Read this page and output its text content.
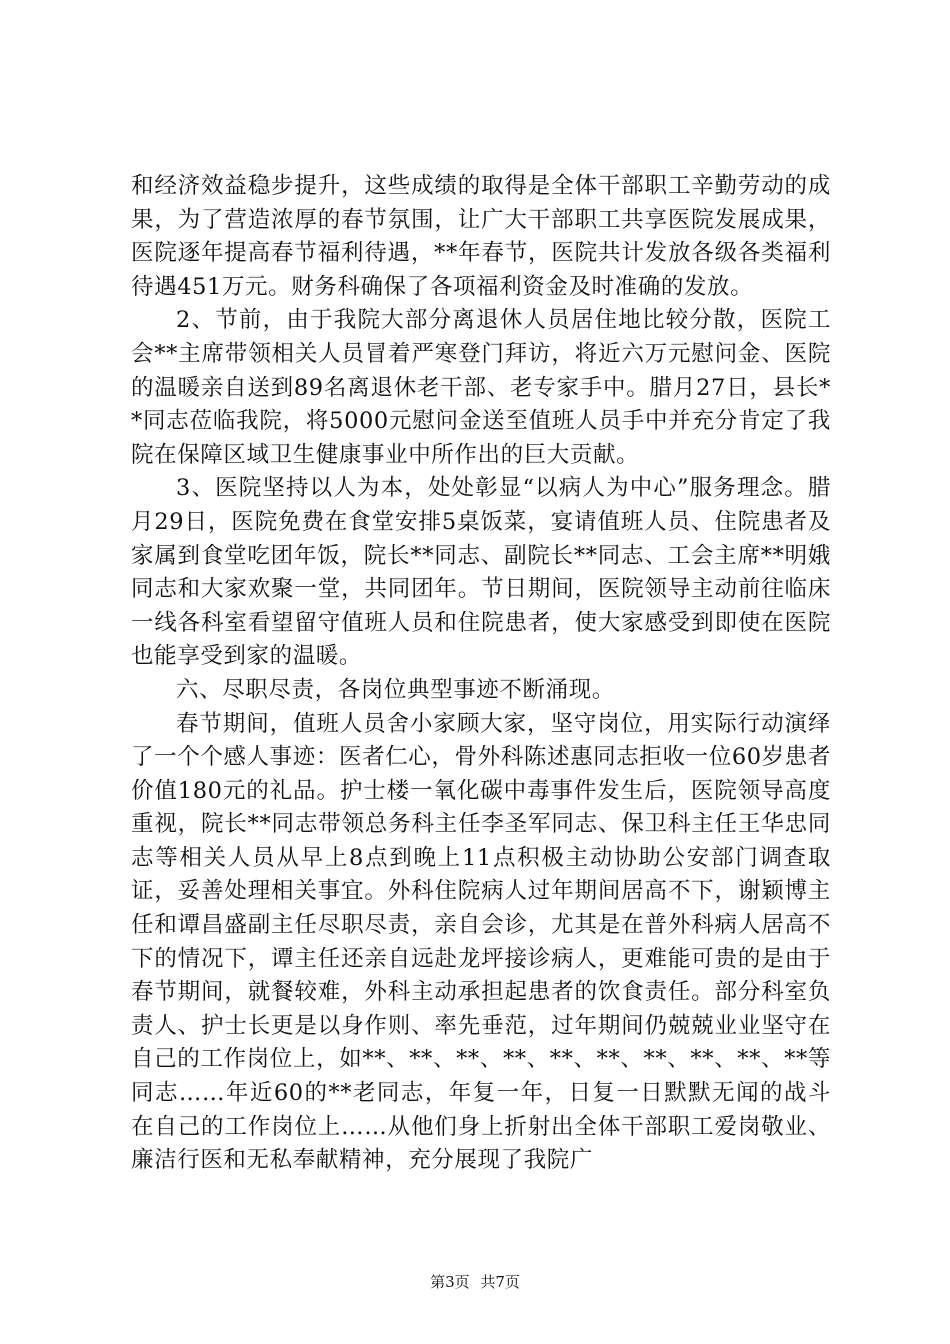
和经济效益稳步提升，这些成绩的取得是全体干部职工辛勤劳动的成果，为了营造浓厚的春节氛围，让广大干部职工共享医院发展成果，医院逐年提高春节福利待遇，**年春节，医院共计发放各级各类福利待遇451万元。财务科确保了各项福利资金及时准确的发放。

2、节前，由于我院大部分离退休人员居住地比较分散，医院工会**主席带领相关人员冒着严寒登门拜访，将近六万元慰问金、医院的温暖亲自送到89名离退休老干部、老专家手中。腊月27日，县长**同志莅临我院，将5000元慰问金送至值班人员手中并充分肯定了我院在保障区域卫生健康事业中所作出的巨大贡献。

3、医院坚持以人为本，处处彰显“以病人为中心”服务理念。腊月29日，医院免费在食堂安排5桌饭菜，宴请值班人员、住院患者及家属到食堂吃团年饭，院长**同志、副院长**同志、工会主席**明娥同志和大家欢聚一堂，共同团年。节日期间，医院领导主动前往临床一线各科室看望留守值班人员和住院患者，使大家感受到即使在医院也能享受到家的温暖。

六、尽职尽责，各岗位典型事迹不断涌现。

春节期间，值班人员舍小家顾大家，坚守岗位，用实际行动演绎了一个个感人事迹：医者仁心，骨外科陈述惠同志拒收一位60岁患者价值180元的礼品。护士楼一氧化碳中毒事件发生后，医院领导高度重视，院长**同志带领总务科主任李圣军同志、保卫科主任王华忠同志等相关人员从早上8点到晚上11点积极主动协助公安部门调查取证，妥善处理相关事宜。外科住院病人过年期间居高不下，谢颖博主任和谭昌盛副主任尽职尽责，亲自会诊，尤其是在普外科病人居高不下的情况下，谭主任还亲自远赴龙坪接诊病人，更难能可贵的是由于春节期间，就餐较难，外科主动承担起患者的饮食责任。部分科室负责人、护士长更是以身作则、率先垂范，过年期间仍兢兢业业坚守在自己的工作岗位上，如**、**、**、**、**、**、**、**、**、**等同志……年近60的**老同志，年复一年，日复一日默默无闻的战斗在自己的工作岗位上……从他们身上折射出全体干部职工爱岗敬业、廉洁行医和无私奉献精神，充分展现了我院广

第3页 共7页
